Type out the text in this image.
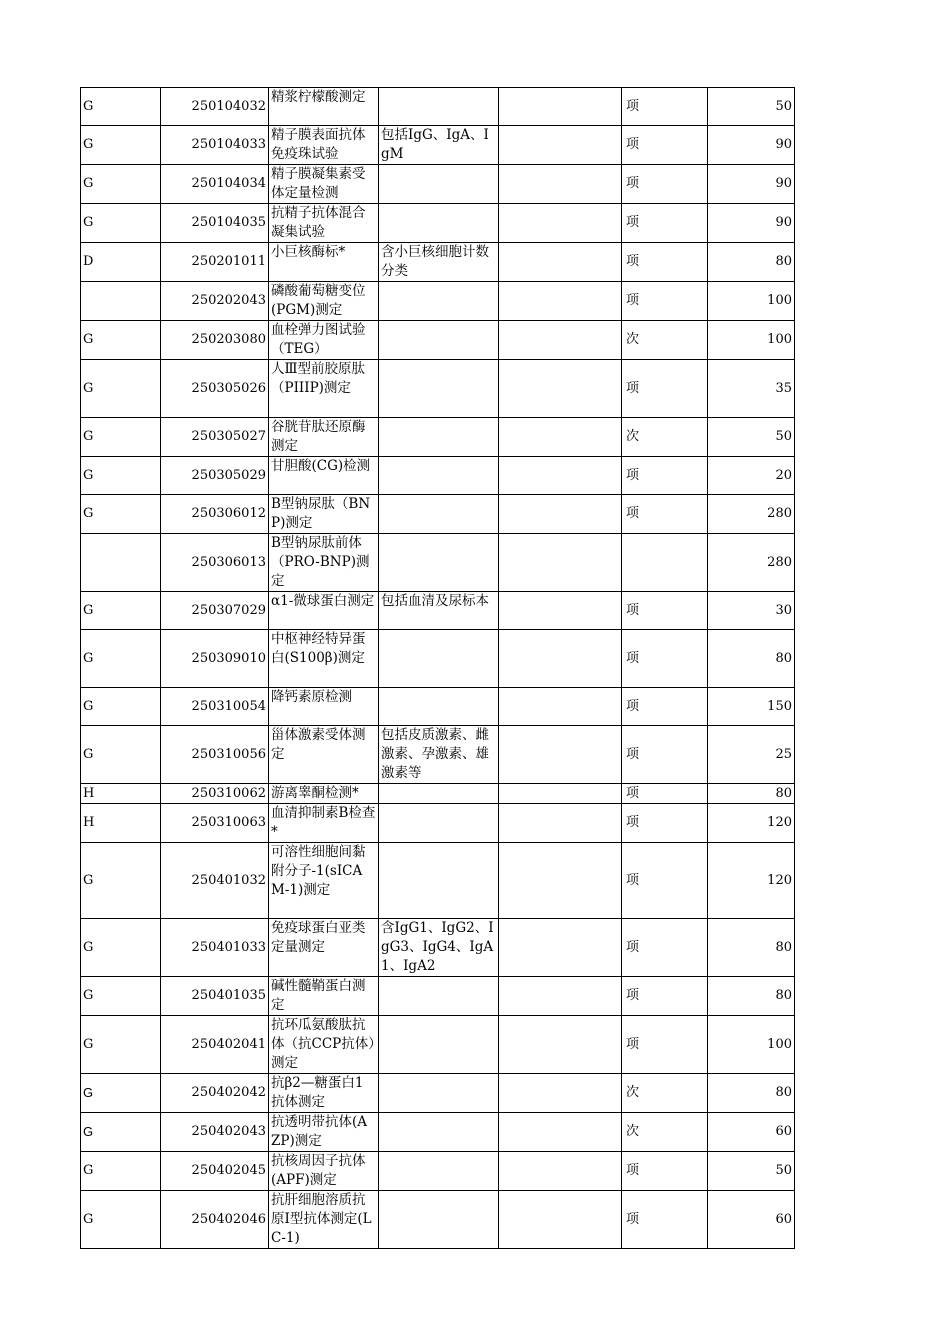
G	250104032	精浆柠檬酸测定			项	50
G	250104033	精子膜表面抗体免疫珠试验	包括IgG、IgA、IgM		项	90
G	250104034	精子膜凝集素受体定量检测			项	90
G	250104035	抗精子抗体混合凝集试验			项	90
D	250201011	小巨核酶标*	含小巨核细胞计数分类		项	80
	250202043	磷酸葡萄糖变位(PGM)测定			项	100
G	250203080	血栓弹力图试验（TEG）			次	100
G	250305026	人Ⅲ型前胶原肽（PIIIP)测定			项	35
G	250305027	谷胱苷肽还原酶测定			次	50
G	250305029	甘胆酸(CG)检测			项	20
G	250306012	B型钠尿肽（BNP)测定			项	280
	250306013	B型钠尿肽前体（PRO-BNP)测定				280
G	250307029	α1-微球蛋白测定	包括血清及尿标本		项	30
G	250309010	中枢神经特异蛋白(S100β)测定			项	80
G	250310054	降钙素原检测			项	150
G	250310056	甾体激素受体测定	包括皮质激素、雌激素、孕激素、雄激素等		项	25
H	250310062	游离睾酮检测*			项	80
H	250310063	血清抑制素B检查*			项	120
G	250401032	可溶性细胞间黏附分子-1(sICAM-1)测定			项	120
G	250401033	免疫球蛋白亚类定量测定	含IgG1、IgG2、IgG3、IgG4、IgA1、IgA2		项	80
G	250401035	碱性髓鞘蛋白测定			项	80
G	250402041	抗环瓜氨酸肽抗体（抗CCP抗体）测定			项	100
G	250402042	抗β2—糖蛋白1抗体测定			次	80
G	250402043	抗透明带抗体(AZP)测定			次	60
G	250402045	抗核周因子抗体(APF)测定			项	50
G	250402046	抗肝细胞溶质抗原I型抗体测定(LC-1)			项	60
